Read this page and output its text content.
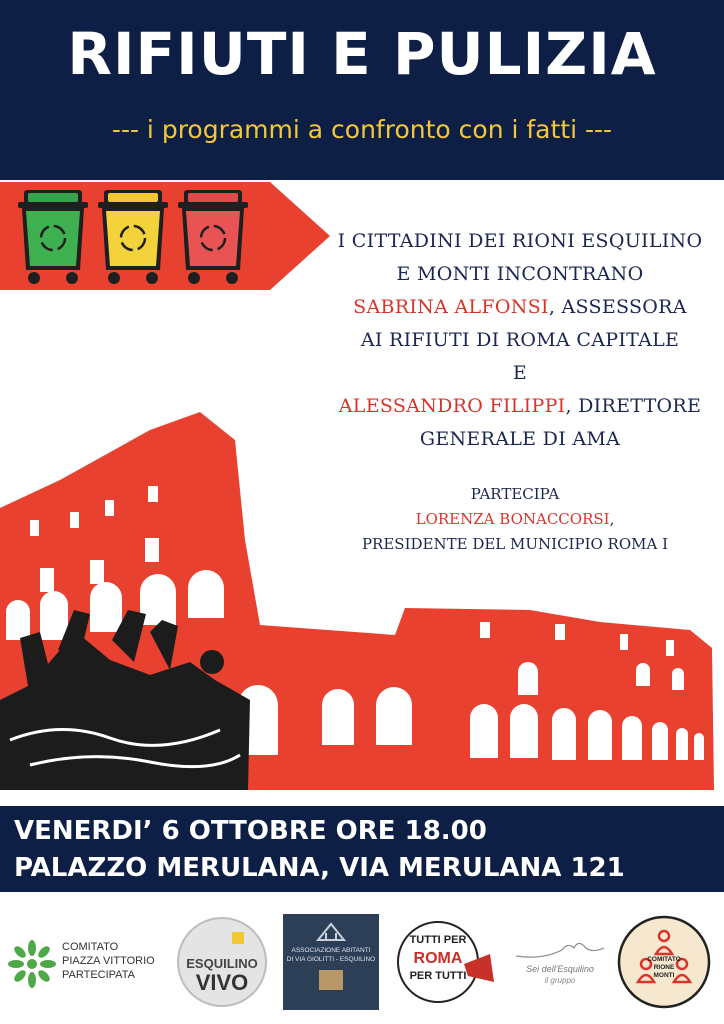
RIFIUTI E PULIZIA
--- i programmi a confronto con i fatti ---
I CITTADINI DEI RIONI ESQUILINO
E MONTI INCONTRANO
SABRINA ALFONSI, ASSESSORA
AI RIFIUTI DI ROMA CAPITALE
E
ALESSANDRO FILIPPI, DIRETTORE
GENERALE DI AMA
PARTECIPA
LORENZA BONACCORSI,
PRESIDENTE DEL MUNICIPIO ROMA I
VENERDI’ 6 OTTOBRE ORE 18.00
PALAZZO MERULANA, VIA MERULANA 121
COMITATO
PIAZZA VITTORIO
PARTECIPATA
ESQUILINO
VIVO
ASSOCIAZIONE ABITANTI
DI VIA GIOLITTI - ESQUILINO
TUTTI PER
ROMA
PER TUTTI
Sei dell'Esquilino
il gruppo
COMITATO
RIONE
MONTI
